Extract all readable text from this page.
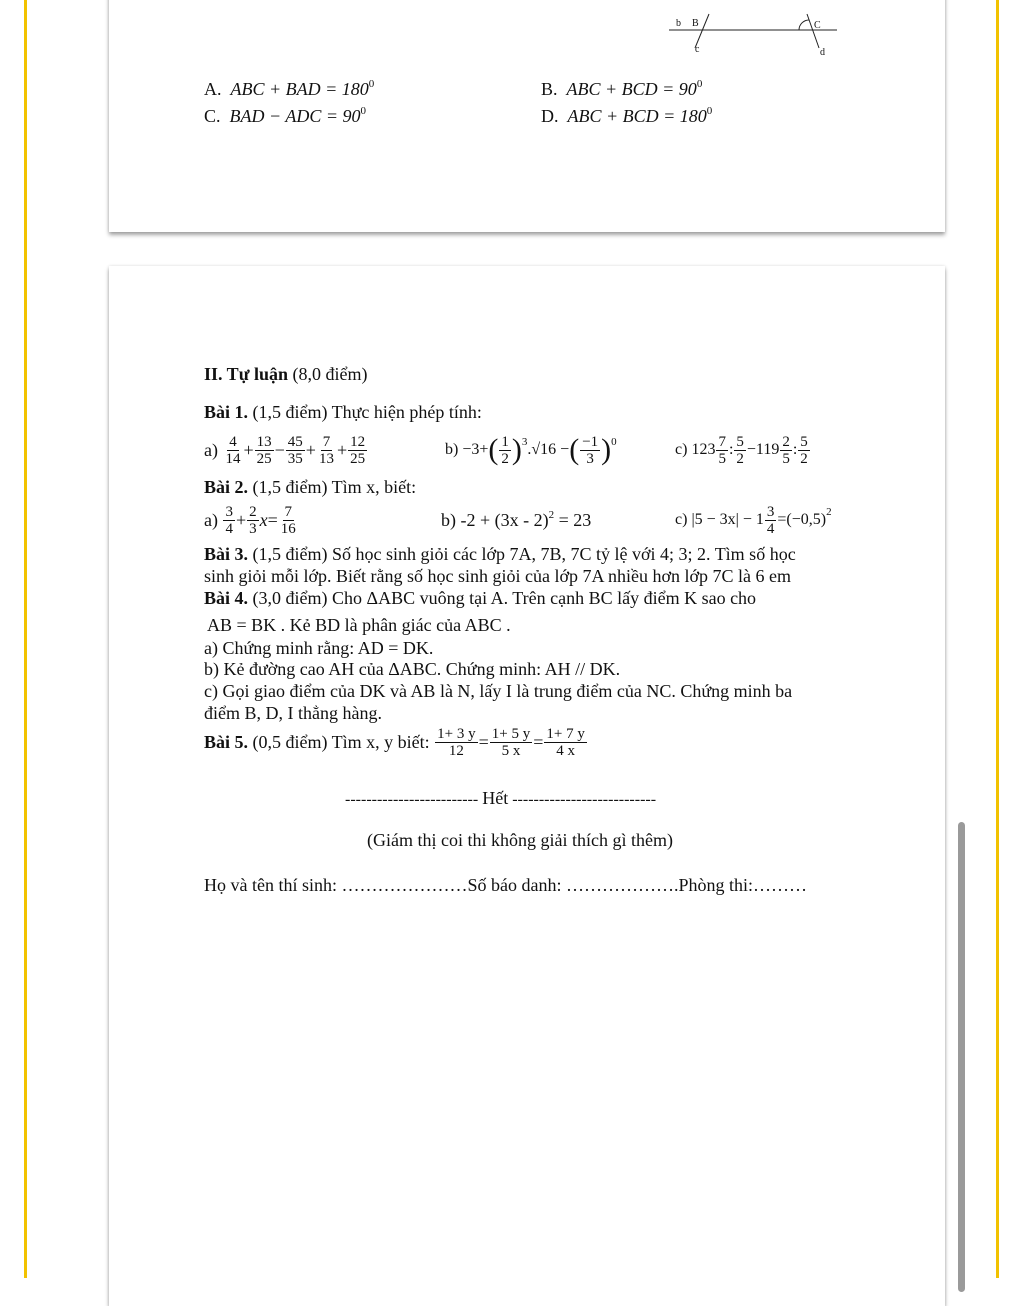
b B	C
c	d
A. ABC + BAD = $180^0$	B. ABC + BCD = $90^0$
C. BAD − ADC = $90^0$	D. ABC + BCD = $180^0$
II. Tự luận (8,0 điểm)
Bài 1. (1,5 điểm) Thực hiện phép tính:
a)
$\frac{4}{14} + \frac{13}{25} - \frac{45}{35} + \frac{7}{13} + \frac{12}{25}$	b)
−3+ ( $\frac{1}{2}$ ) 3 .√16 − ( $\frac{-1}{3}$ ) 0	c)
$123 \frac{7}{5}$ : $\frac{5}{2} -119 \frac{2}{5}$ : $\frac{5}{2}$
Bài 2. (1,5 điểm) Tìm x, biết:
a)
$\frac{3}{4} + \frac{2}{3}$ $x = \frac{7}{16}$	b) -2 + (3x - 2)$^2$ = 23	c)
$|5 - 3x| - 1 \frac{3}{4} =(-0,5)$ 2
Bài 3. (1,5 điểm) Số học sinh giỏi các lớp 7A, 7B, 7C tỷ lệ với 4; 3; 2. Tìm số học
sinh giỏi mỗi lớp. Biết rằng số học sinh giỏi của lớp 7A nhiều hơn lớp 7C là 6 em
Bài 4. (3,0 điểm) Cho ΔABC vuông tại A. Trên cạnh BC lấy điểm K sao cho
AB = BK . Kẻ BD là phân giác của ABC .
a) Chứng minh rằng: AD = DK.
b) Kẻ đường cao AH của ΔABC. Chứng minh: AH // DK.
c) Gọi giao điểm của DK và AB là N, lấy I là trung điểm của NC. Chứng minh ba
điểm B, D, I thẳng hàng.
Bài 5.
(0,5 điểm) Tìm x, y biết:
$\frac{1+ 3 y}{12} = \frac{1+ 5 y}{5 x} = \frac{1+ 7 y}{4 x}$
------------------------- Hết ---------------------------
(Giám thị coi thi không giải thích gì thêm)
Họ và tên thí sinh: …………………Số báo danh: ……………….Phòng thi:………
